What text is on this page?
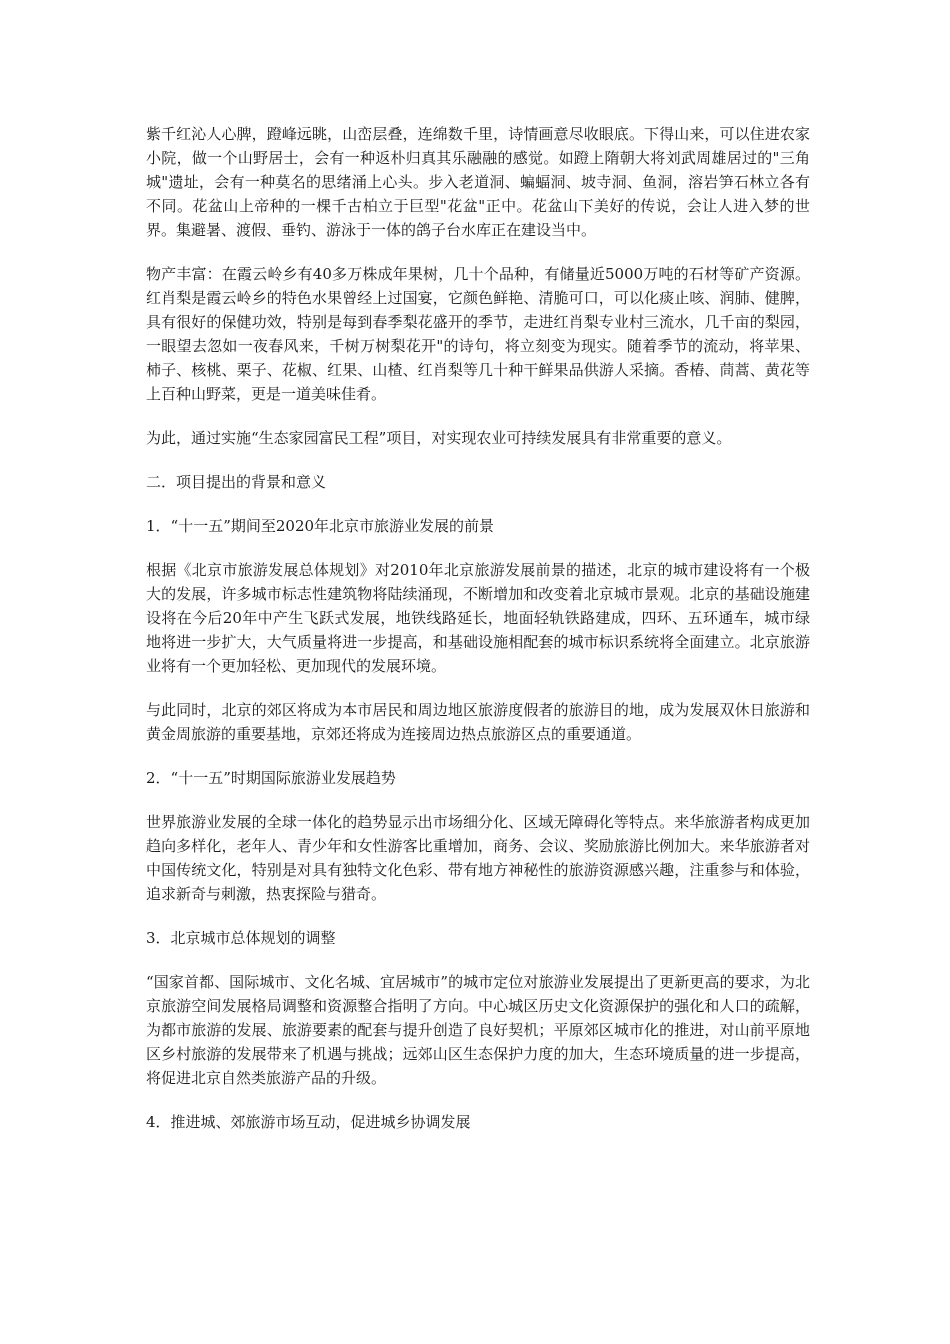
紫千红沁人心脾，蹬峰远眺，山峦层叠，连绵数千里，诗情画意尽收眼底。下得山来，可以住进农家小院，做一个山野居士，会有一种返朴归真其乐融融的感觉。如蹬上隋朝大将刘武周雄居过的"三角城"遗址，会有一种莫名的思绪涌上心头。步入老道洞、蝙蝠洞、坡寺洞、鱼洞，溶岩笋石林立各有不同。花盆山上帝种的一棵千古柏立于巨型"花盆"正中。花盆山下美好的传说，会让人进入梦的世界。集避暑、渡假、垂钓、游泳于一体的鸽子台水库正在建设当中。

物产丰富：在霞云岭乡有40多万株成年果树，几十个品种，有储量近5000万吨的石材等矿产资源。红肖梨是霞云岭乡的特色水果曾经上过国宴，它颜色鲜艳、清脆可口，可以化痰止咳、润肺、健脾，具有很好的保健功效，特别是每到春季梨花盛开的季节，走进红肖梨专业村三流水，几千亩的梨园，一眼望去忽如一夜春风来，千树万树梨花开"的诗句，将立刻变为现实。随着季节的流动，将苹果、柿子、核桃、栗子、花椒、红果、山楂、红肖梨等几十种干鲜果品供游人采摘。香椿、茼蒿、黄花等上百种山野菜，更是一道美味佳肴。

为此，通过实施“生态家园富民工程”项目，对实现农业可持续发展具有非常重要的意义。

二．项目提出的背景和意义

1．“十一五”期间至2020年北京市旅游业发展的前景

根据《北京市旅游发展总体规划》对2010年北京旅游发展前景的描述，北京的城市建设将有一个极大的发展，许多城市标志性建筑物将陆续涌现，不断增加和改变着北京城市景观。北京的基础设施建设将在今后20年中产生飞跃式发展，地铁线路延长，地面轻轨铁路建成，四环、五环通车，城市绿地将进一步扩大，大气质量将进一步提高，和基础设施相配套的城市标识系统将全面建立。北京旅游业将有一个更加轻松、更加现代的发展环境。

与此同时，北京的郊区将成为本市居民和周边地区旅游度假者的旅游目的地，成为发展双休日旅游和黄金周旅游的重要基地，京郊还将成为连接周边热点旅游区点的重要通道。

2．“十一五”时期国际旅游业发展趋势

世界旅游业发展的全球一体化的趋势显示出市场细分化、区域无障碍化等特点。来华旅游者构成更加趋向多样化，老年人、青少年和女性游客比重增加，商务、会议、奖励旅游比例加大。来华旅游者对中国传统文化，特别是对具有独特文化色彩、带有地方神秘性的旅游资源感兴趣，注重参与和体验，追求新奇与刺激，热衷探险与猎奇。

3．北京城市总体规划的调整

“国家首都、国际城市、文化名城、宜居城市”的城市定位对旅游业发展提出了更新更高的要求，为北京旅游空间发展格局调整和资源整合指明了方向。中心城区历史文化资源保护的强化和人口的疏解，为都市旅游的发展、旅游要素的配套与提升创造了良好契机；平原郊区城市化的推进，对山前平原地区乡村旅游的发展带来了机遇与挑战；远郊山区生态保护力度的加大，生态环境质量的进一步提高，将促进北京自然类旅游产品的升级。

4．推进城、郊旅游市场互动，促进城乡协调发展
